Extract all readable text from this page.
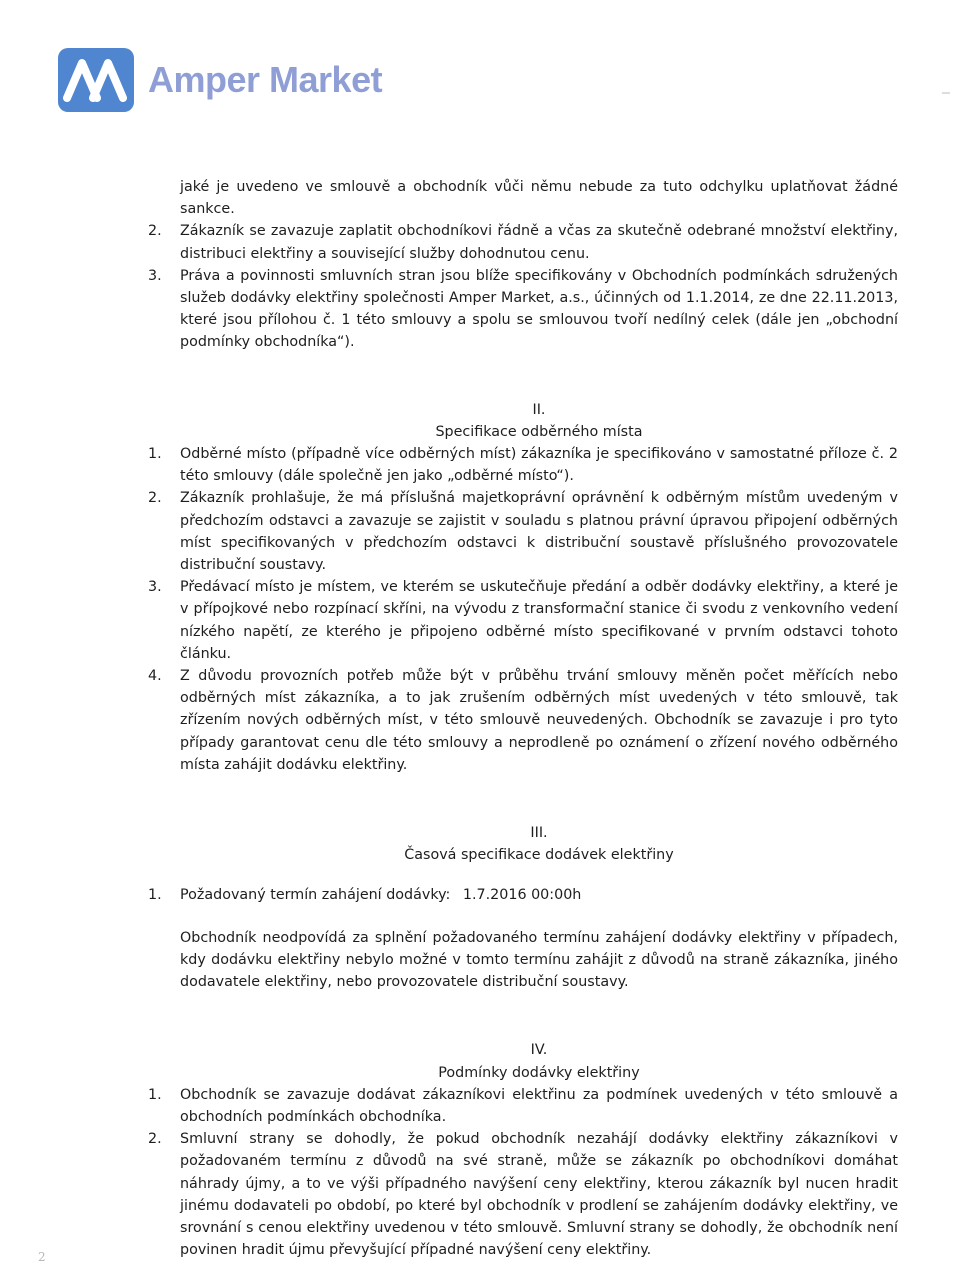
Amper Market
jaké je uvedeno ve smlouvě a obchodník vůči němu nebude za tuto odchylku uplatňovat žádné sankce.
2.	Zákazník se zavazuje zaplatit obchodníkovi řádně a včas za skutečně odebrané množství elektřiny, distribuci elektřiny a související služby dohodnutou cenu.
3.	Práva a povinnosti smluvních stran jsou blíže specifikovány v Obchodních podmínkách sdružených služeb dodávky elektřiny společnosti Amper Market, a.s., účinných od 1.1.2014, ze dne 22.11.2013, které jsou přílohou č. 1 této smlouvy a spolu se smlouvou tvoří nedílný celek (dále jen „obchodní podmínky obchodníka“).
II.
Specifikace odběrného místa
1.	Odběrné místo (případně více odběrných míst) zákazníka je specifikováno v samostatné příloze č. 2 této smlouvy (dále společně jen jako „odběrné místo“).
2.	Zákazník prohlašuje, že má příslušná majetkoprávní oprávnění k odběrným místům uvedeným v předchozím odstavci a zavazuje se zajistit v souladu s platnou právní úpravou připojení odběrných míst specifikovaných v předchozím odstavci k distribuční soustavě příslušného provozovatele distribuční soustavy.
3.	Předávací místo je místem, ve kterém se uskutečňuje předání a odběr dodávky elektřiny, a které je v přípojkové nebo rozpínací skříni, na vývodu z transformační stanice či svodu z venkovního vedení nízkého napětí, ze kterého je připojeno odběrné místo specifikované v prvním odstavci tohoto článku.
4.	Z důvodu provozních potřeb může být v průběhu trvání smlouvy měněn počet měřících nebo odběrných míst zákazníka, a to jak zrušením odběrných míst uvedených v této smlouvě, tak zřízením nových odběrných míst, v této smlouvě neuvedených. Obchodník se zavazuje i pro tyto případy garantovat cenu dle této smlouvy a neprodleně po oznámení o zřízení nového odběrného místa zahájit dodávku elektřiny.
III.
Časová specifikace dodávek elektřiny
1.	Požadovaný termín zahájení dodávky: 1.7.2016 00:00h
Obchodník neodpovídá za splnění požadovaného termínu zahájení dodávky elektřiny v případech, kdy dodávku elektřiny nebylo možné v tomto termínu zahájit z důvodů na straně zákazníka, jiného dodavatele elektřiny, nebo provozovatele distribuční soustavy.
IV.
Podmínky dodávky elektřiny
1.	Obchodník se zavazuje dodávat zákazníkovi elektřinu za podmínek uvedených v této smlouvě a obchodních podmínkách obchodníka.
2.	Smluvní strany se dohodly, že pokud obchodník nezahájí dodávky elektřiny zákazníkovi v požadovaném termínu z důvodů na své straně, může se zákazník po obchodníkovi domáhat náhrady újmy, a to ve výši případného navýšení ceny elektřiny, kterou zákazník byl nucen hradit jinému dodavateli po období, po které byl obchodník v prodlení se zahájením dodávky elektřiny, ve srovnání s cenou elektřiny uvedenou v této smlouvě. Smluvní strany se dohodly, že obchodník není povinen hradit újmu převyšující případné navýšení ceny elektřiny.
2
